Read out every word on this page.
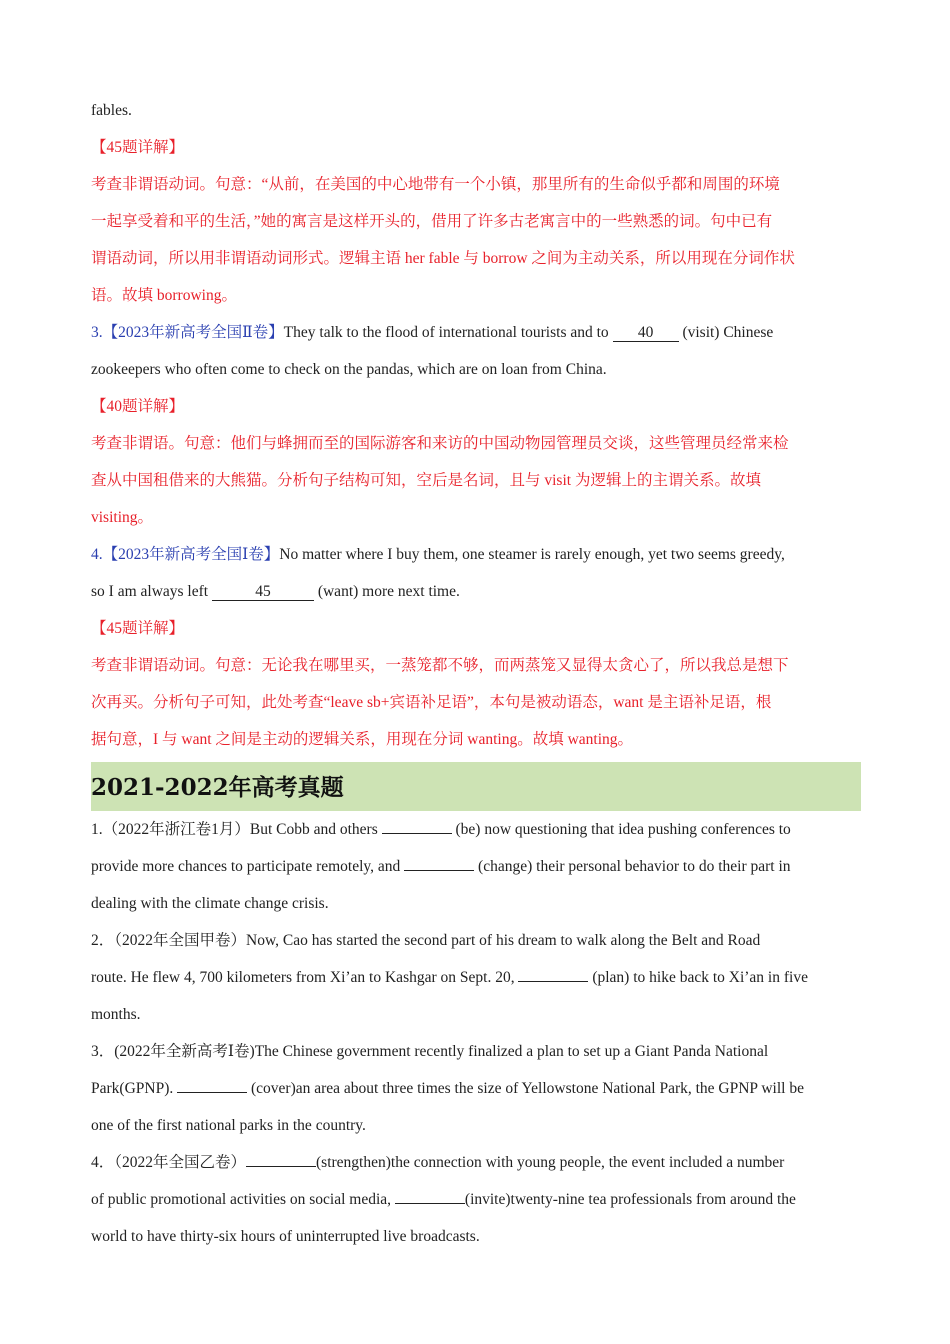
fables.
【45题详解】
考查非谓语动词。句意：“从前，在美国的中心地带有一个小镇，那里所有的生命似乎都和周围的环境
一起享受着和平的生活，”她的寓言是这样开头的，借用了许多古老寓言中的一些熟悉的词。句中已有
谓语动词，所以用非谓语动词形式。逻辑主语 her fable 与 borrow 之间为主动关系，所以用现在分词作状
语。故填 borrowing。
3.【2023年新高考全国Ⅱ卷】They talk to the flood of international tourists and to 40 (visit) Chinese
zookeepers who often come to check on the pandas, which are on loan from China.
【40题详解】
考查非谓语。句意：他们与蜂拥而至的国际游客和来访的中国动物园管理员交谈，这些管理员经常来检
查从中国租借来的大熊猫。分析句子结构可知，空后是名词，且与 visit 为逻辑上的主谓关系。故填
visiting。
4.【2023年新高考全国Ⅰ卷】No matter where I buy them, one steamer is rarely enough, yet two seems greedy,
so I am always left	45	(want) more next time.
【45题详解】
考查非谓语动词。句意：无论我在哪里买，一蒸笼都不够，而两蒸笼又显得太贪心了，所以我总是想下
次再买。分析句子可知，此处考查“leave sb+宾语补足语”，本句是被动语态，want 是主语补足语，根
据句意，I 与 want 之间是主动的逻辑关系，用现在分词 wanting。故填 wanting。
2021-2022年高考真题
1.（2022年浙江卷1月）But Cobb and others	(be) now questioning that idea pushing conferences to
provide more chances to participate remotely, and	(change) their personal behavior to do their part in
dealing with the climate change crisis.
2．（2022年全国甲卷）Now, Cao has started the second part of his dream to walk along the Belt and Road
route. He flew 4, 700 kilometers from Xi’an to Kashgar on Sept. 20,	(plan) to hike back to Xi’an in five
months.
3．(2022年全新高考Ⅰ卷)The Chinese government recently finalized a plan to set up a Giant Panda National
Park(GPNP).	(cover)an area about three times the size of Yellowstone National Park, the GPNP will be
one of the first national parks in the country.
4．（2022年全国乙卷）	(strengthen)the connection with young people, the event included a number
of public promotional activities on social media,	(invite)twenty-nine tea professionals from around the
world to have thirty-six hours of uninterrupted live broadcasts.
